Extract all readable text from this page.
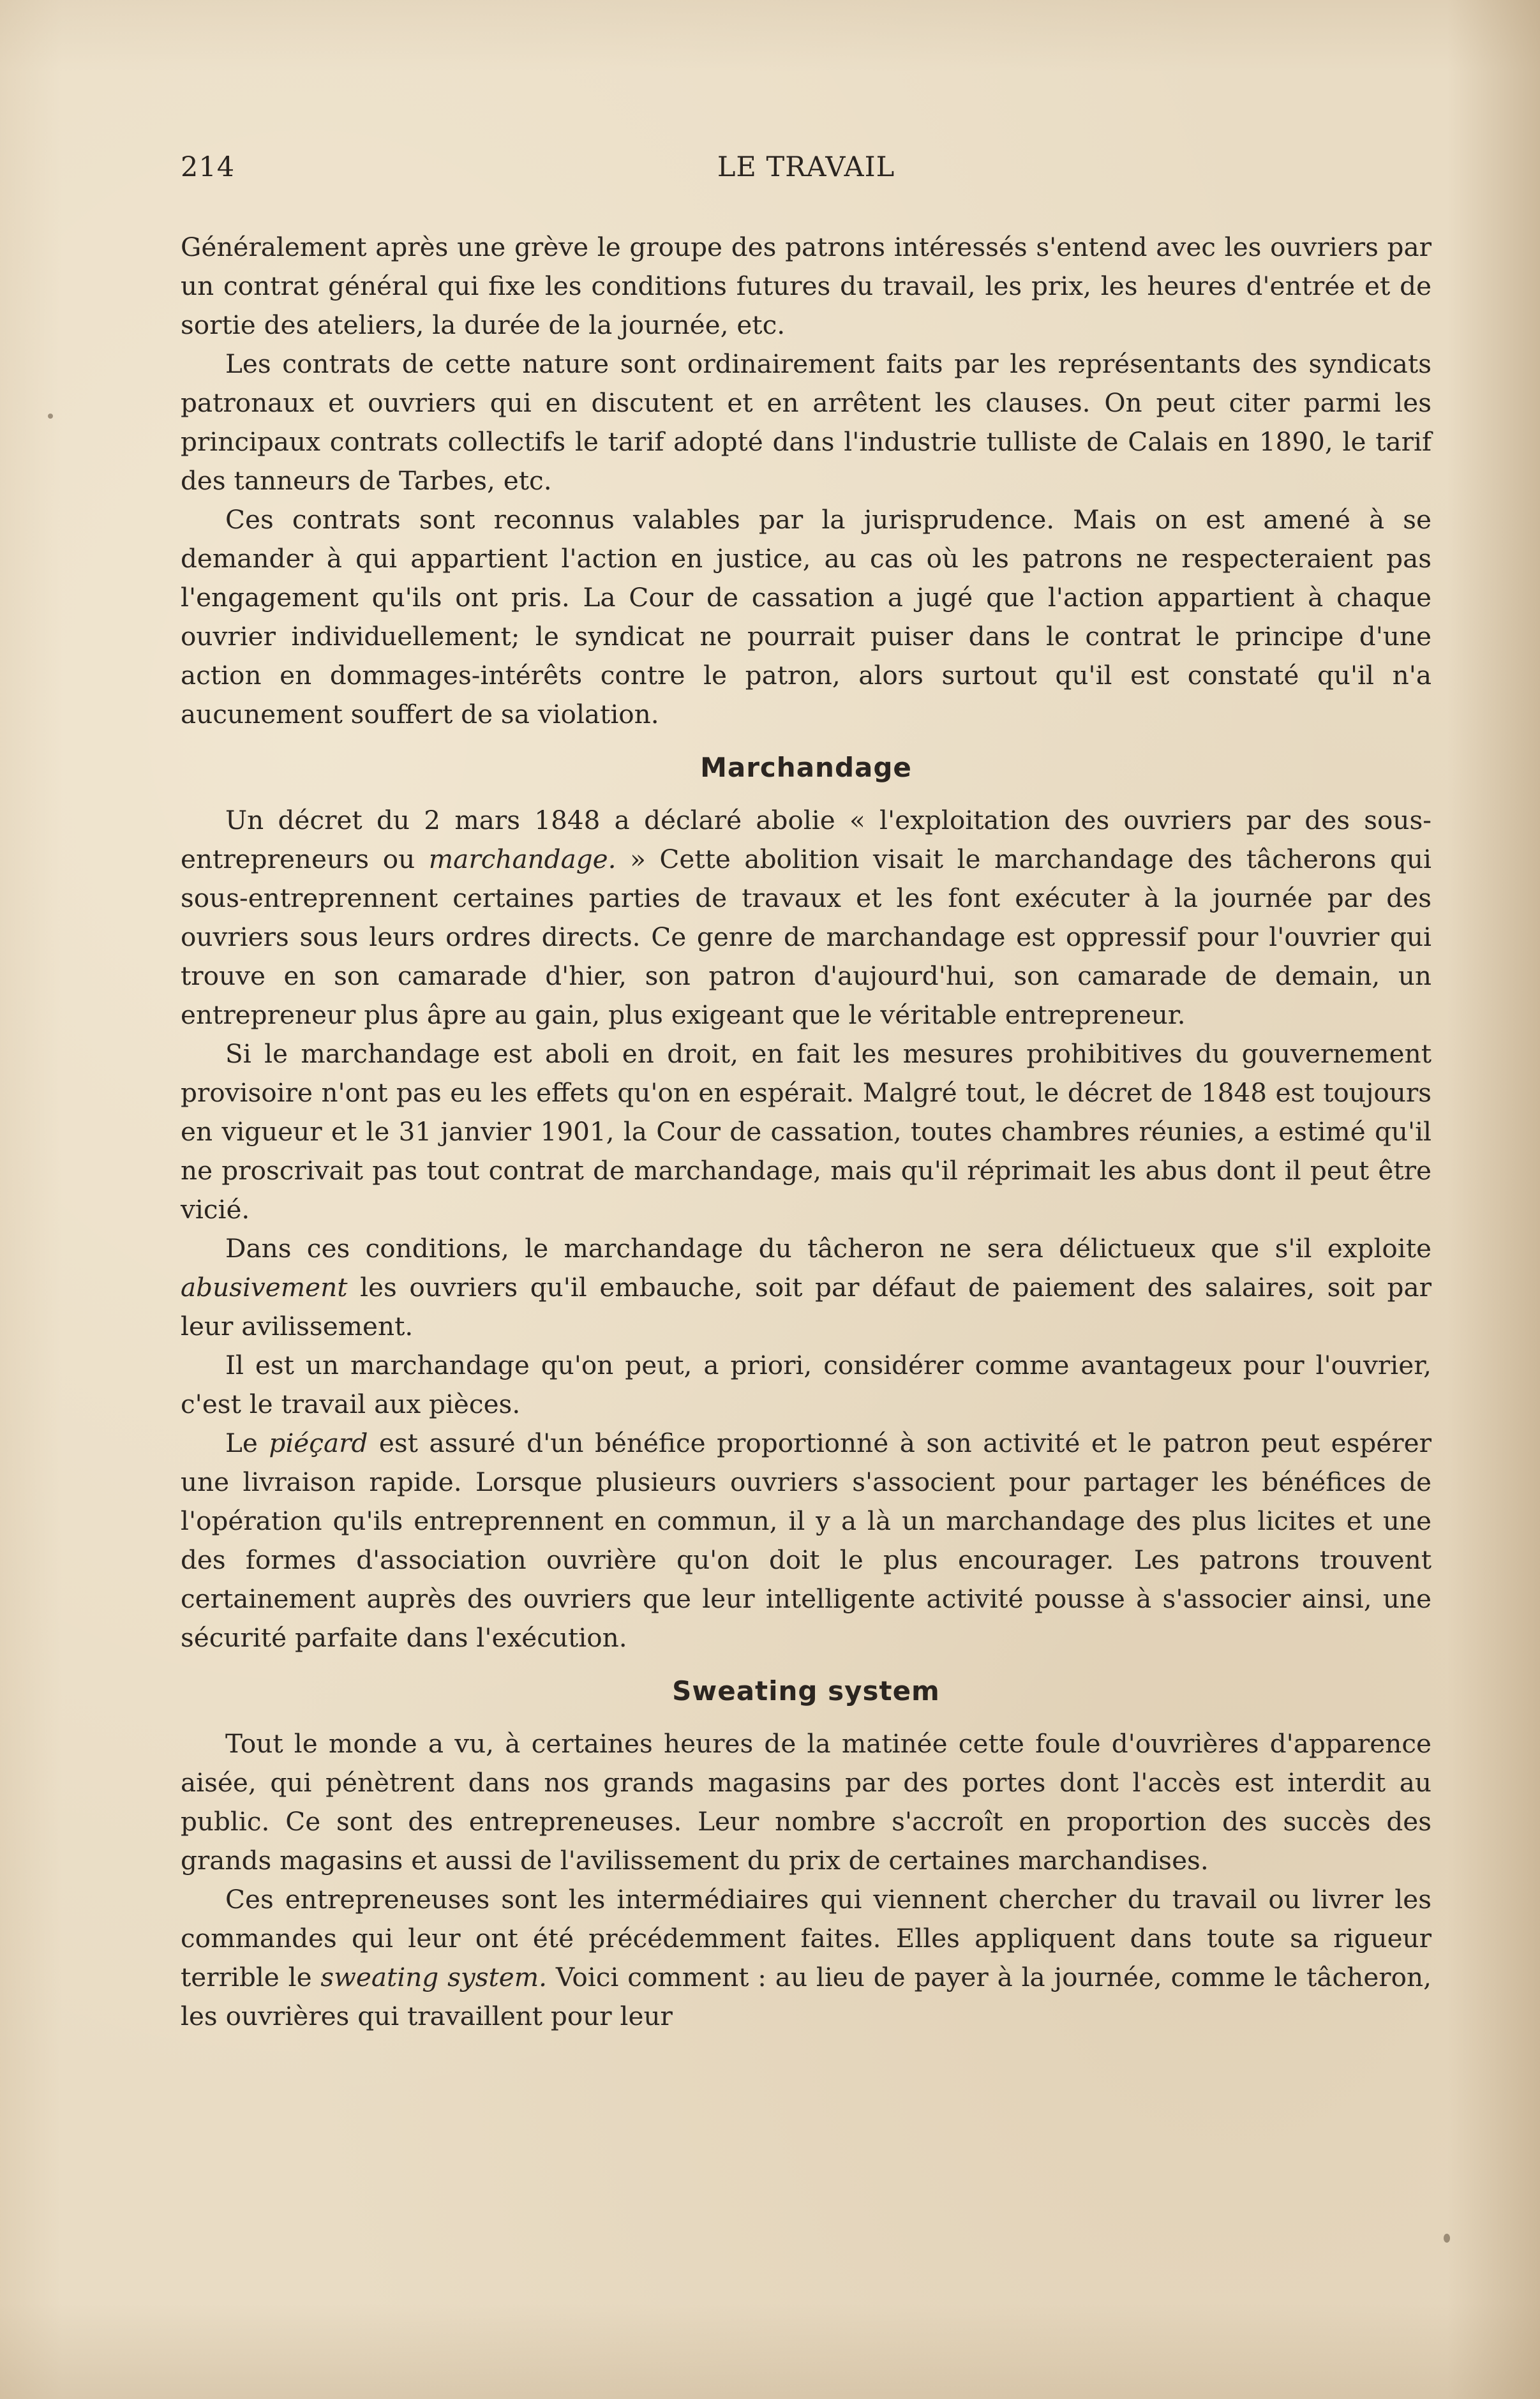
214	LE TRAVAIL

Généralement après une grève le groupe des patrons intéressés s'entend avec les ouvriers par un contrat général qui fixe les conditions futures du travail, les prix, les heures d'entrée et de sortie des ateliers, la durée de la journée, etc.

Les contrats de cette nature sont ordinairement faits par les représentants des syndicats patronaux et ouvriers qui en discutent et en arrêtent les clauses. On peut citer parmi les principaux contrats collectifs le tarif adopté dans l'industrie tulliste de Calais en 1890, le tarif des tanneurs de Tarbes, etc.

Ces contrats sont reconnus valables par la jurisprudence. Mais on est amené à se demander à qui appartient l'action en justice, au cas où les patrons ne respecteraient pas l'engagement qu'ils ont pris. La Cour de cassation a jugé que l'action appartient à chaque ouvrier individuellement; le syndicat ne pourrait puiser dans le contrat le principe d'une action en dommages-intérêts contre le patron, alors surtout qu'il est constaté qu'il n'a aucunement souffert de sa violation.

Marchandage

Un décret du 2 mars 1848 a déclaré abolie « l'exploitation des ouvriers par des sous-entrepreneurs ou marchandage. » Cette abolition visait le marchandage des tâcherons qui sous-entreprennent certaines parties de travaux et les font exécuter à la journée par des ouvriers sous leurs ordres directs. Ce genre de marchandage est oppressif pour l'ouvrier qui trouve en son camarade d'hier, son patron d'aujourd'hui, son camarade de demain, un entrepreneur plus âpre au gain, plus exigeant que le véritable entrepreneur.

Si le marchandage est aboli en droit, en fait les mesures prohibitives du gouvernement provisoire n'ont pas eu les effets qu'on en espérait. Malgré tout, le décret de 1848 est toujours en vigueur et le 31 janvier 1901, la Cour de cassation, toutes chambres réunies, a estimé qu'il ne proscrivait pas tout contrat de marchandage, mais qu'il réprimait les abus dont il peut être vicié.

Dans ces conditions, le marchandage du tâcheron ne sera délictueux que s'il exploite abusivement les ouvriers qu'il embauche, soit par défaut de paiement des salaires, soit par leur avilissement.

Il est un marchandage qu'on peut, a priori, considérer comme avantageux pour l'ouvrier, c'est le travail aux pièces.

Le piéçard est assuré d'un bénéfice proportionné à son activité et le patron peut espérer une livraison rapide. Lorsque plusieurs ouvriers s'associent pour partager les bénéfices de l'opération qu'ils entreprennent en commun, il y a là un marchandage des plus licites et une des formes d'association ouvrière qu'on doit le plus encourager. Les patrons trouvent certainement auprès des ouvriers que leur intelligente activité pousse à s'associer ainsi, une sécurité parfaite dans l'exécution.

Sweating system

Tout le monde a vu, à certaines heures de la matinée cette foule d'ouvrières d'apparence aisée, qui pénètrent dans nos grands magasins par des portes dont l'accès est interdit au public. Ce sont des entrepreneuses. Leur nombre s'accroît en proportion des succès des grands magasins et aussi de l'avilissement du prix de certaines marchandises.

Ces entrepreneuses sont les intermédiaires qui viennent chercher du travail ou livrer les commandes qui leur ont été précédemment faites. Elles appliquent dans toute sa rigueur terrible le sweating system. Voici comment : au lieu de payer à la journée, comme le tâcheron, les ouvrières qui travaillent pour leur
